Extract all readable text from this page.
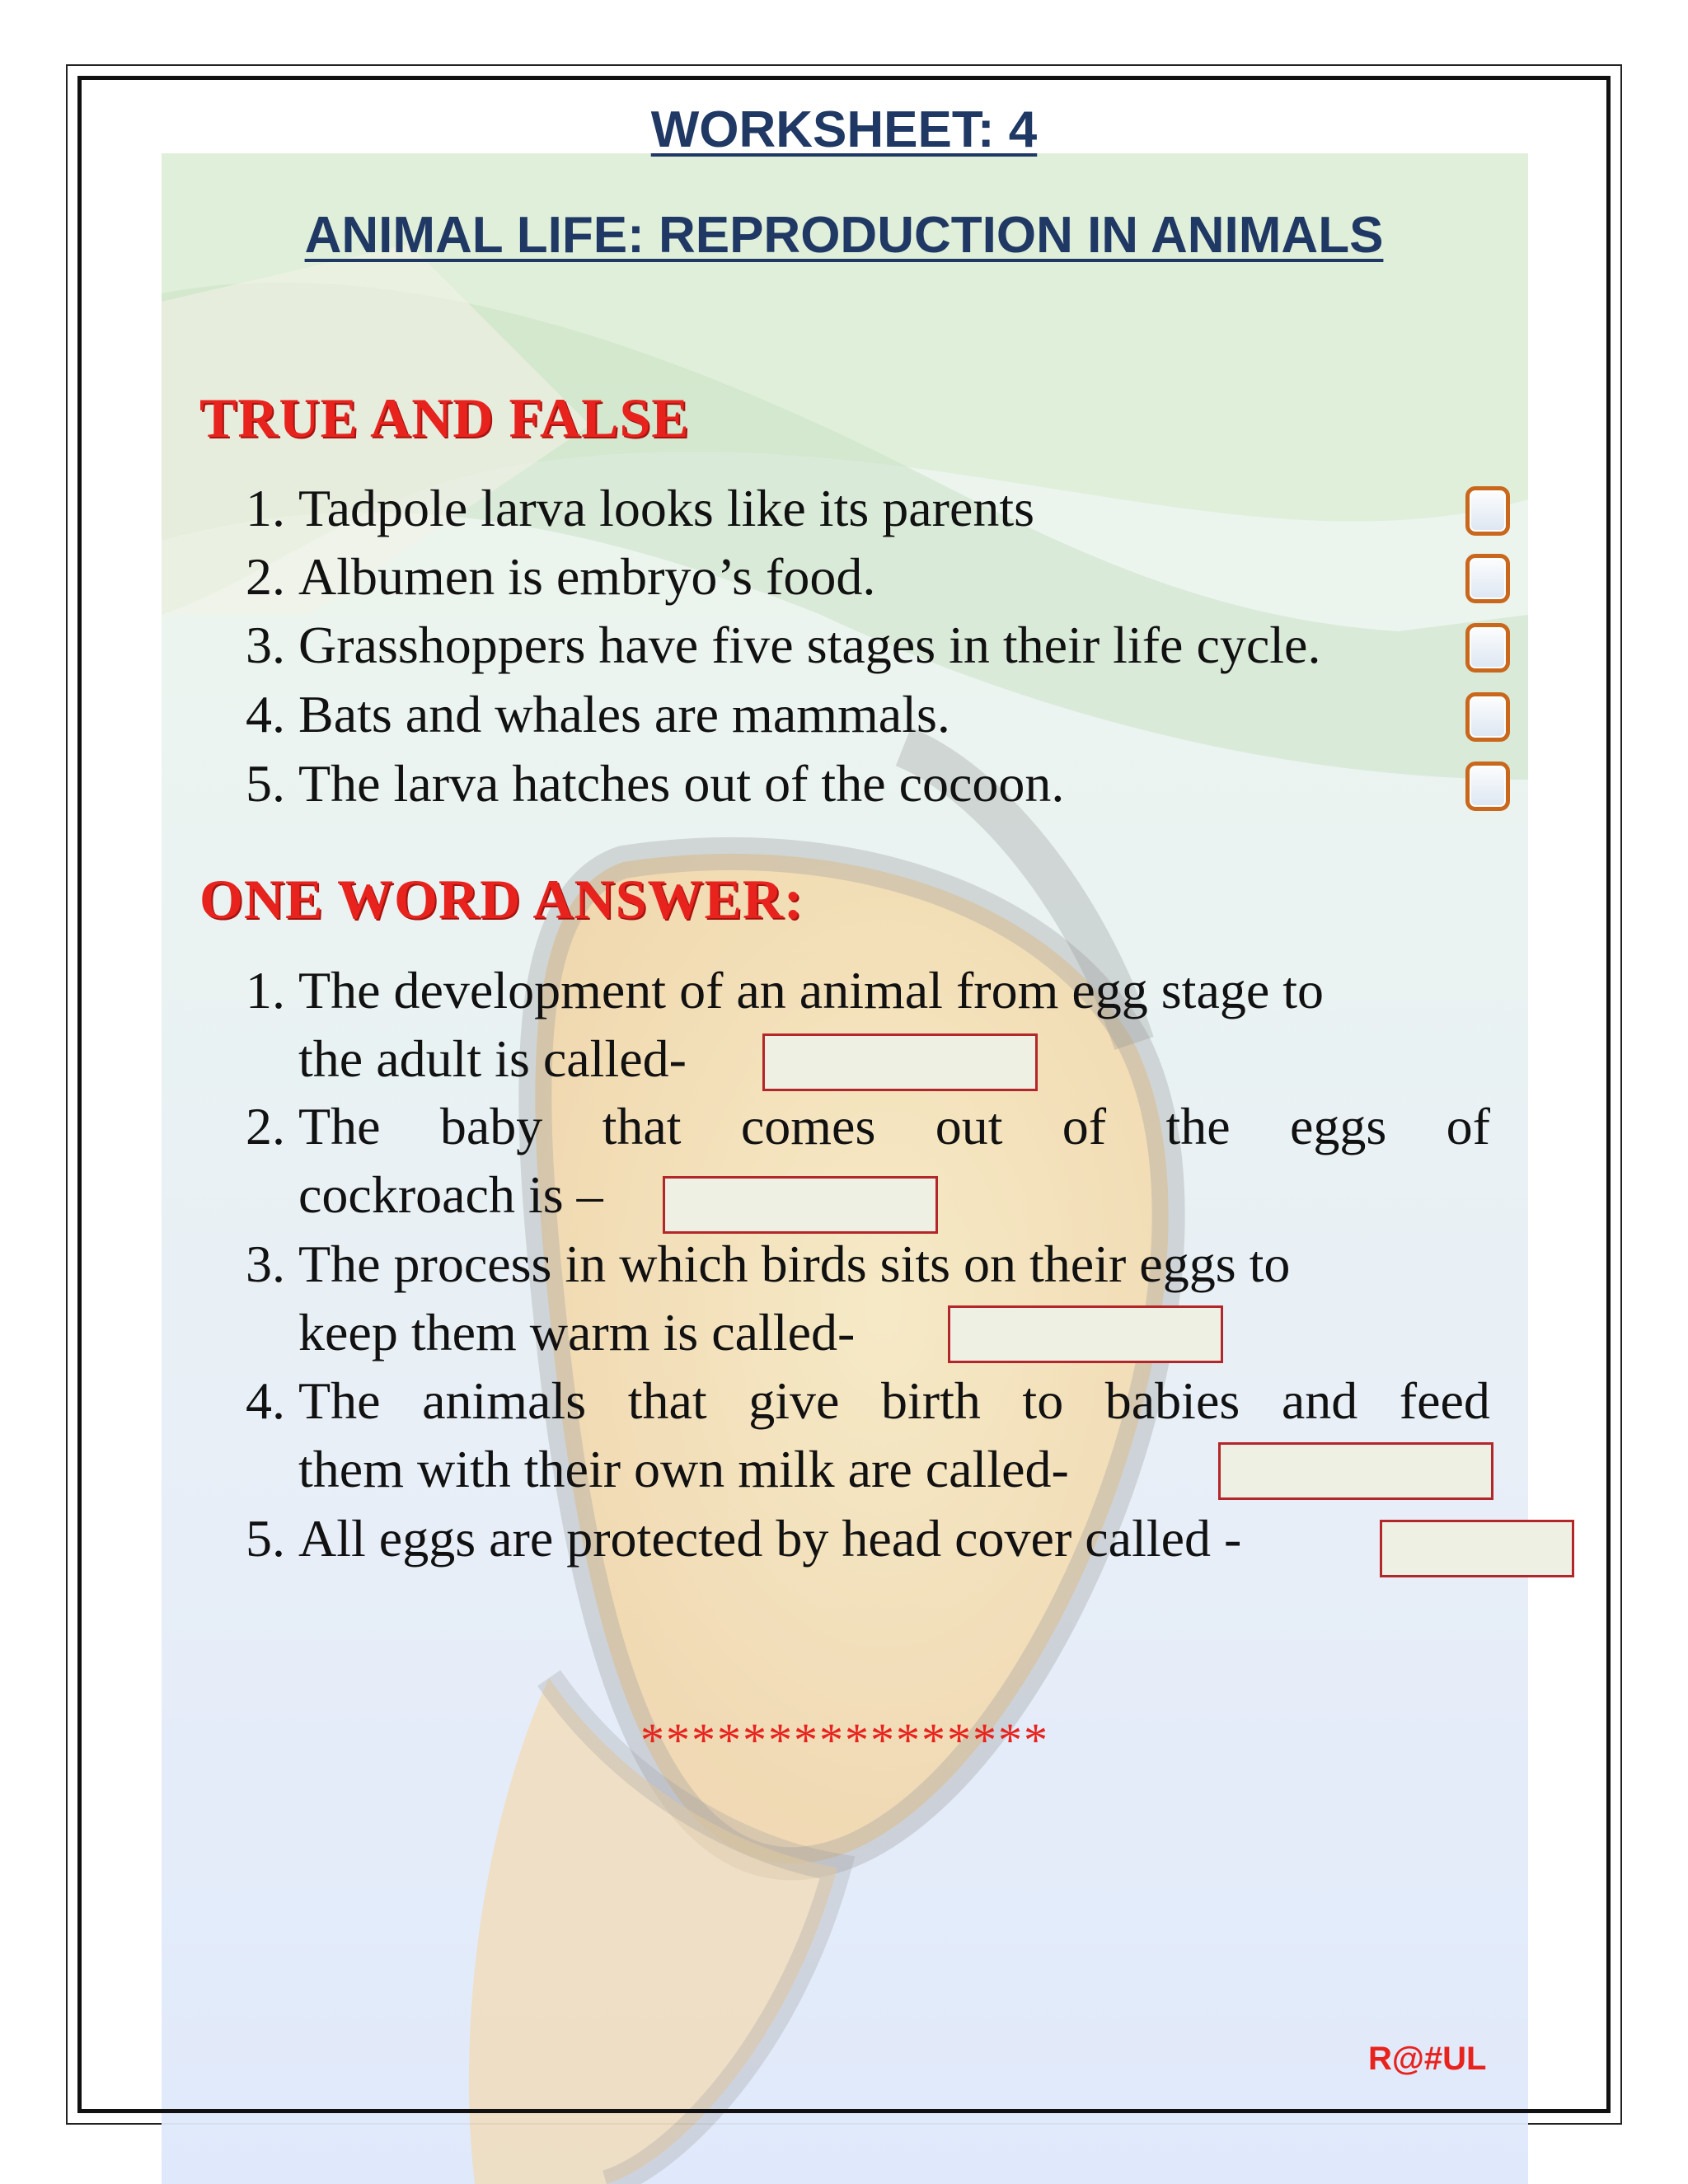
WORKSHEET: 4
ANIMAL LIFE: REPRODUCTION IN ANIMALS
TRUE AND FALSE
1. Tadpole larva looks like its parents
2. Albumen is embryo’s food.
3. Grasshoppers have five stages in their life cycle.
4. Bats and whales are mammals.
5. The larva hatches out of the cocoon.
ONE WORD ANSWER:
1. The development of an animal from egg stage to
the adult is called-
2. The baby that comes out of the eggs of
cockroach is –
3. The process in which birds sits on their eggs to
keep them warm is called-
4. The animals that give birth to babies and feed
them with their own milk are called-
5. All eggs are protected by head cover called -
****************
R@#UL
